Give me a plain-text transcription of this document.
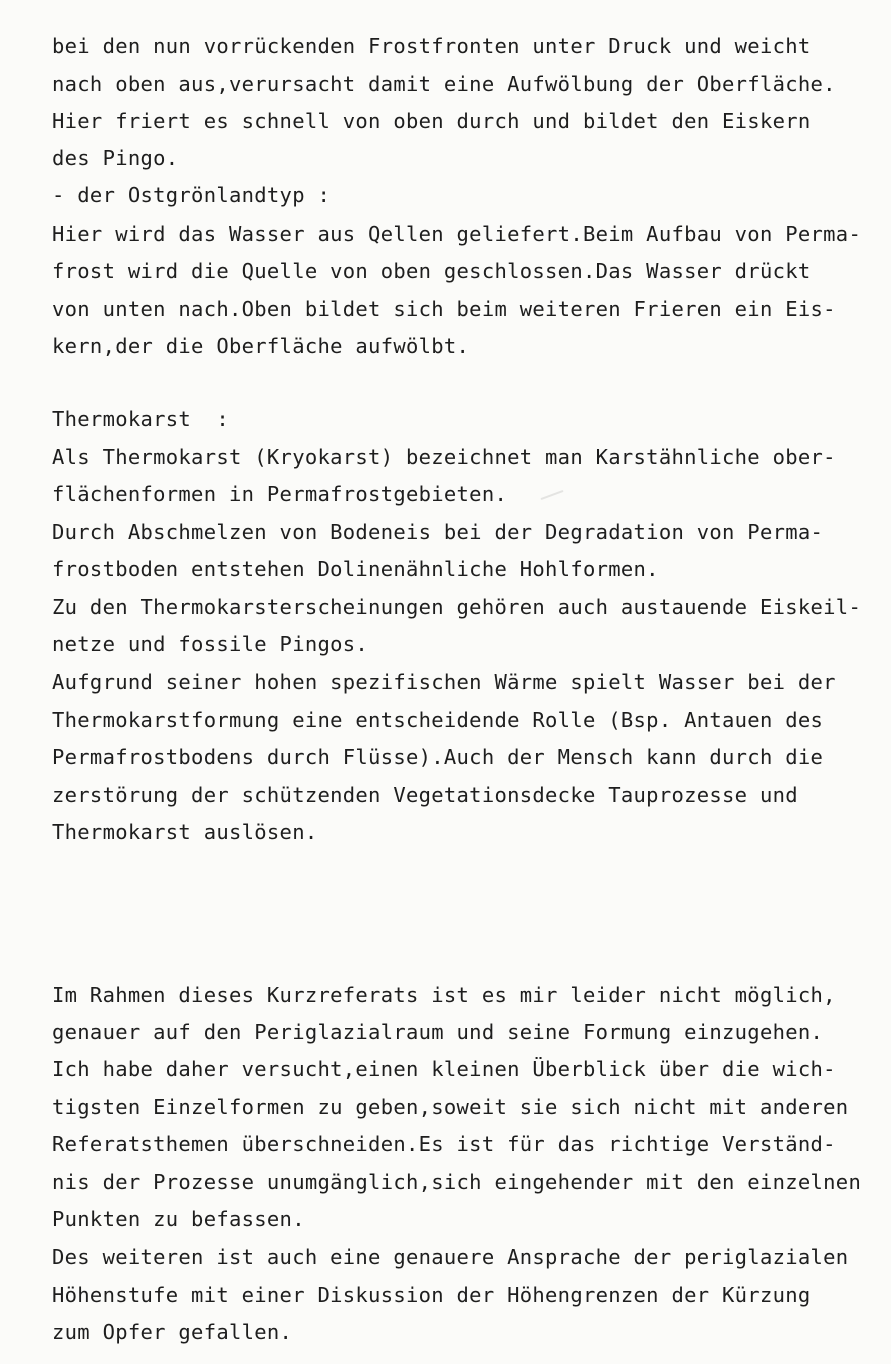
bei den nun vorrückenden Frostfronten unter Druck und weicht
nach oben aus,verursacht damit eine Aufwölbung der Oberfläche.
Hier friert es schnell von oben durch und bildet den Eiskern
des Pingo.
- der Ostgrönlandtyp :
Hier wird das Wasser aus Qellen geliefert.Beim Aufbau von Perma-
frost wird die Quelle von oben geschlossen.Das Wasser drückt
von unten nach.Oben bildet sich beim weiteren Frieren ein Eis-
kern,der die Oberfläche aufwölbt.
Thermokarst  :
Als Thermokarst (Kryokarst) bezeichnet man Karstähnliche ober-
flächenformen in Permafrostgebieten.
Durch Abschmelzen von Bodeneis bei der Degradation von Perma-
frostboden entstehen Dolinenähnliche Hohlformen.
Zu den Thermokarsterscheinungen gehören auch austauende Eiskeil-
netze und fossile Pingos.
Aufgrund seiner hohen spezifischen Wärme spielt Wasser bei der
Thermokarstformung eine entscheidende Rolle (Bsp. Antauen des
Permafrostbodens durch Flüsse).Auch der Mensch kann durch die
zerstörung der schützenden Vegetationsdecke Tauprozesse und
Thermokarst auslösen.
Im Rahmen dieses Kurzreferats ist es mir leider nicht möglich,
genauer auf den Periglazialraum und seine Formung einzugehen.
Ich habe daher versucht,einen kleinen Überblick über die wich-
tigsten Einzelformen zu geben,soweit sie sich nicht mit anderen
Referatsthemen überschneiden.Es ist für das richtige Verständ-
nis der Prozesse unumgänglich,sich eingehender mit den einzelnen
Punkten zu befassen.
Des weiteren ist auch eine genauere Ansprache der periglazialen
Höhenstufe mit einer Diskussion der Höhengrenzen der Kürzung
zum Opfer gefallen.
